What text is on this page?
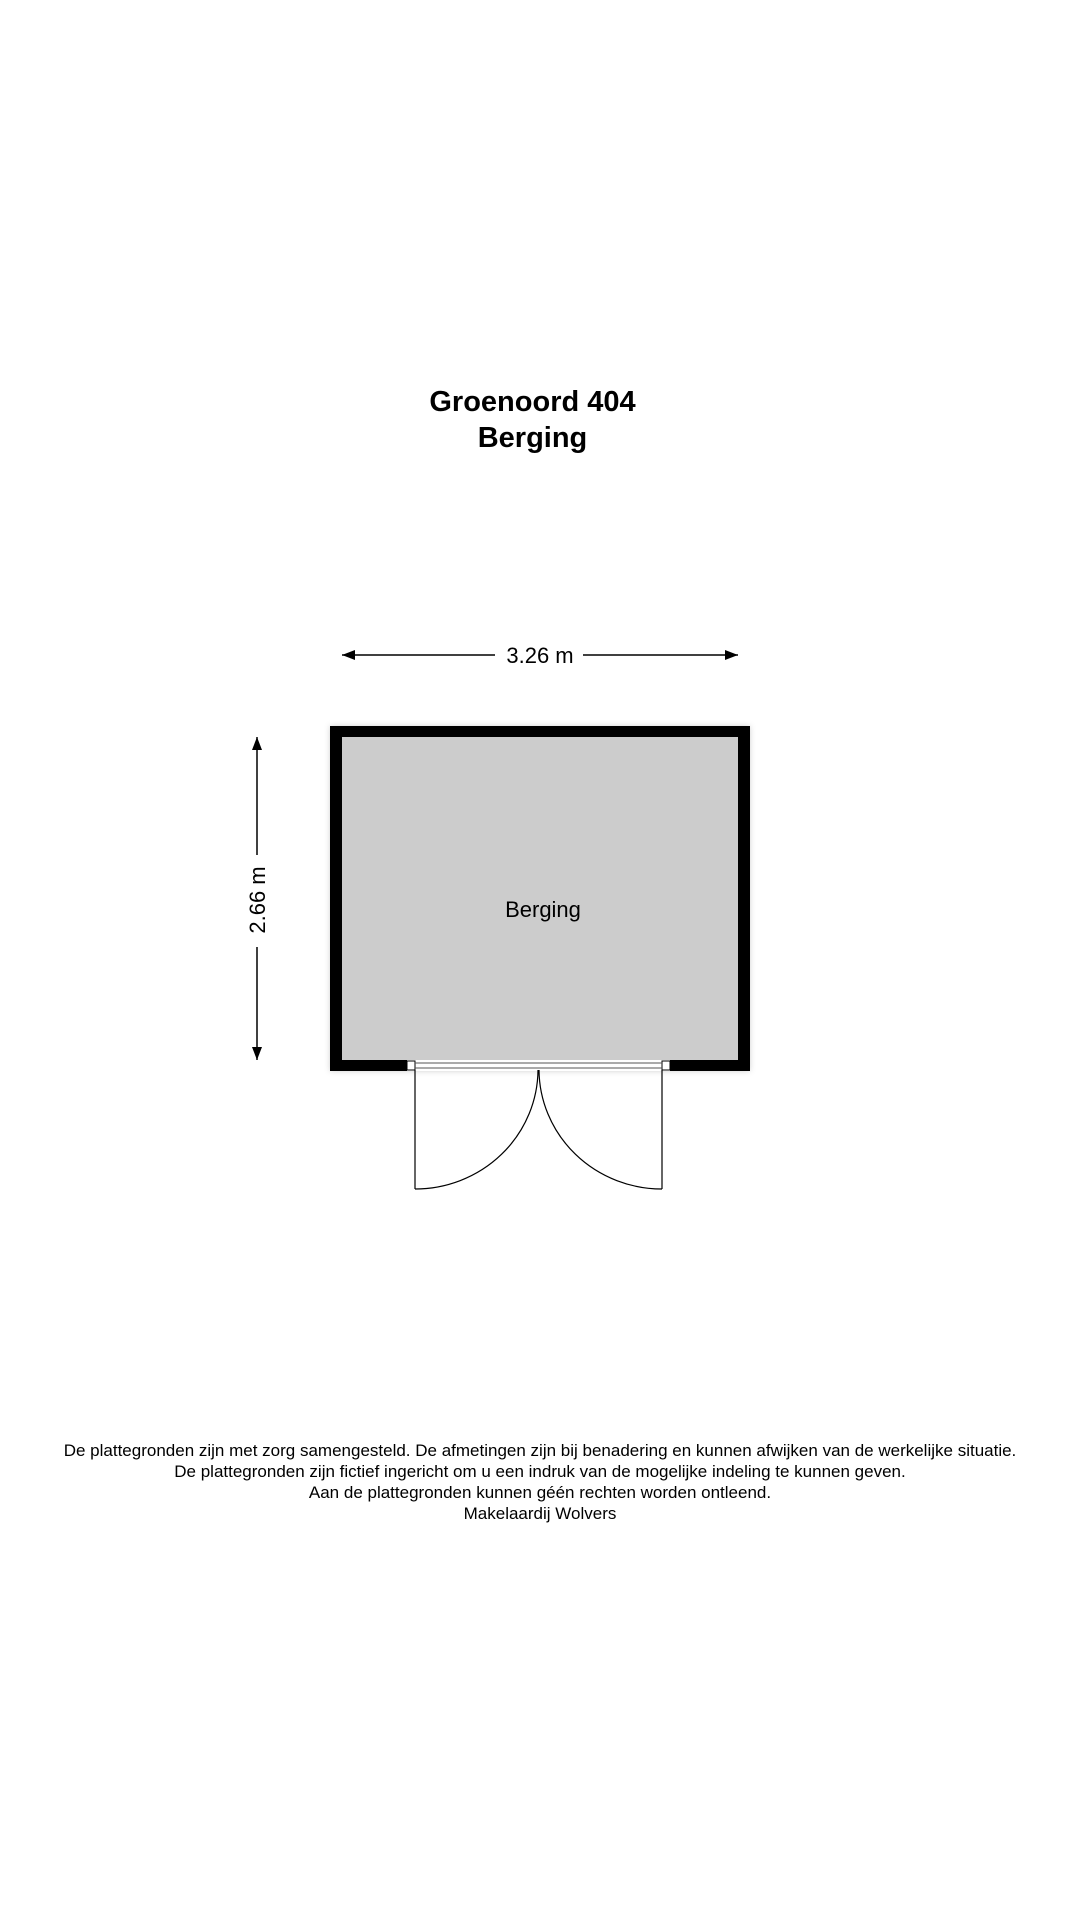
Groenoord 404
Berging
3.26 m
2.66 m	Berging
De plattegronden zijn met zorg samengesteld. De afmetingen zijn bij benadering en kunnen afwijken van de werkelijke situatie.
De plattegronden zijn fictief ingericht om u een indruk van de mogelijke indeling te kunnen geven.
Aan de plattegronden kunnen géén rechten worden ontleend.
Makelaardij Wolvers
